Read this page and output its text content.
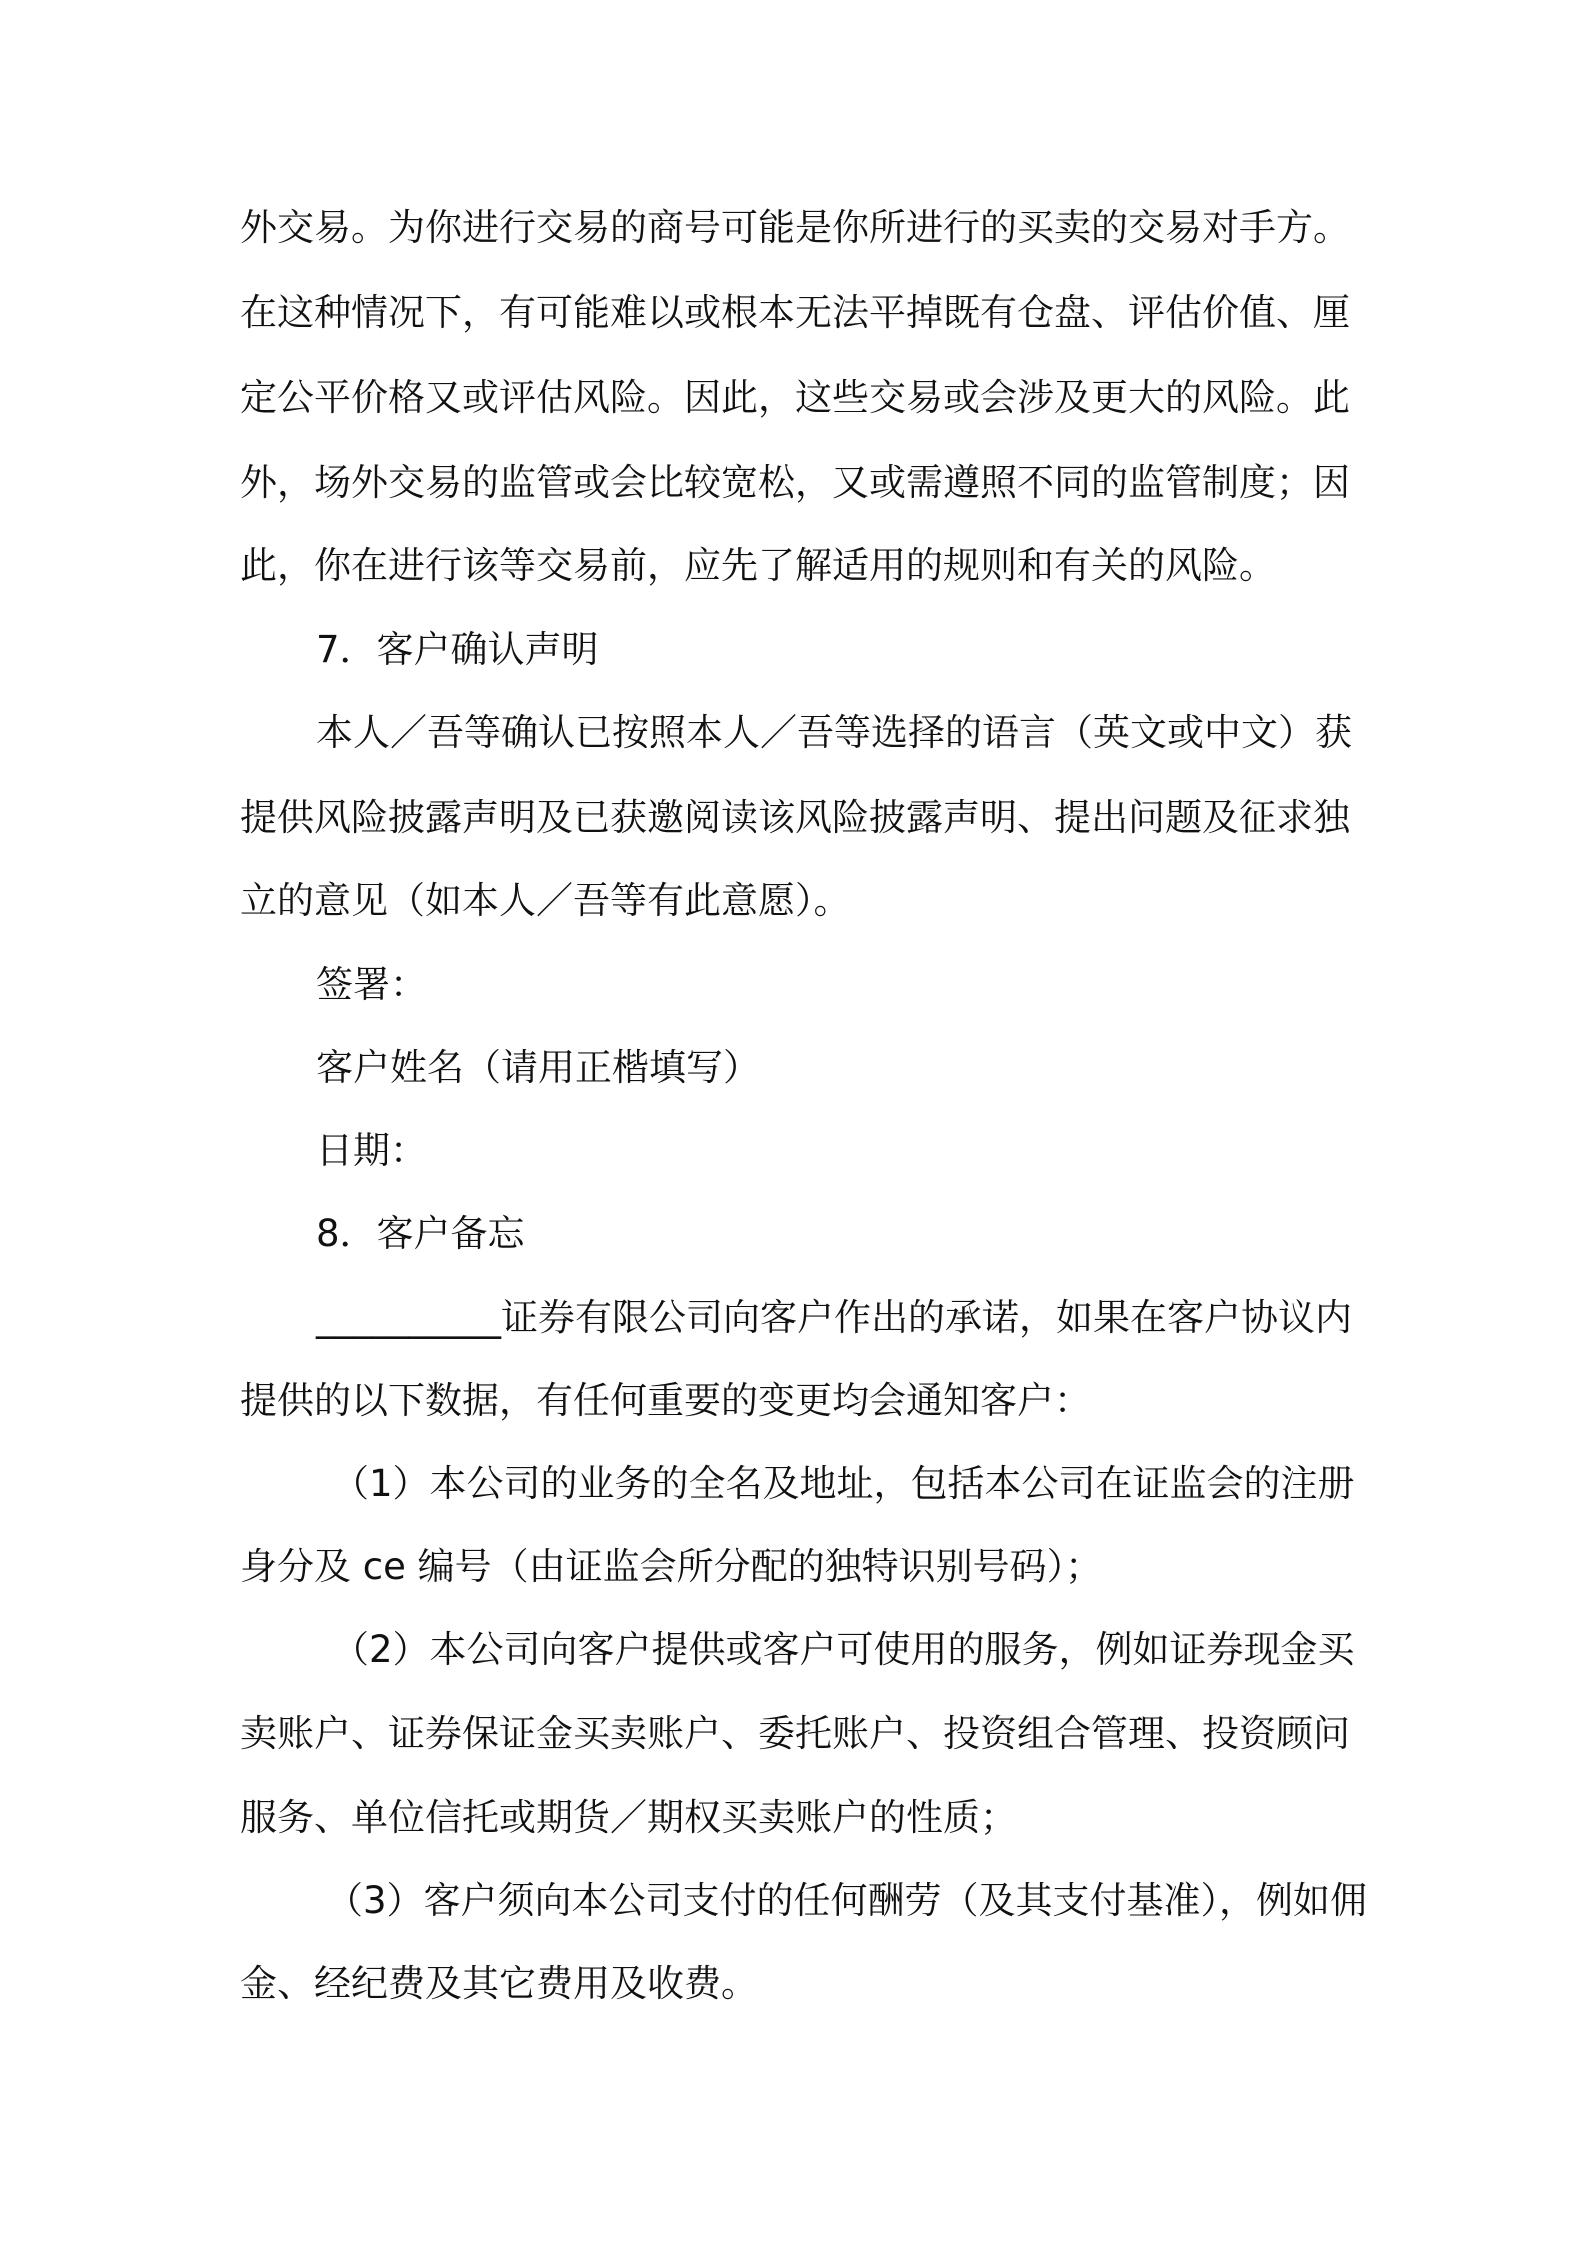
外交易。为你进行交易的商号可能是你所进行的买卖的交易对手方。
在这种情况下，有可能难以或根本无法平掉既有仓盘、评估价值、厘
定公平价格又或评估风险。因此，这些交易或会涉及更大的风险。此
外，场外交易的监管或会比较宽松，又或需遵照不同的监管制度；因
此，你在进行该等交易前，应先了解适用的规则和有关的风险。
7．客户确认声明
本人／吾等确认已按照本人／吾等选择的语言（英文或中文）获
提供风险披露声明及已获邀阅读该风险披露声明、提出问题及征求独
立的意见（如本人／吾等有此意愿）。
签署：
客户姓名（请用正楷填写）
日期：
8．客户备忘
__________证券有限公司向客户作出的承诺，如果在客户协议内
提供的以下数据，有任何重要的变更均会通知客户：
（1）本公司的业务的全名及地址，包括本公司在证监会的注册
身分及 ce 编号（由证监会所分配的独特识别号码）；
（2）本公司向客户提供或客户可使用的服务，例如证券现金买
卖账户、证券保证金买卖账户、委托账户、投资组合管理、投资顾问
服务、单位信托或期货／期权买卖账户的性质；
（3）客户须向本公司支付的任何酬劳（及其支付基准），例如佣
金、经纪费及其它费用及收费。
